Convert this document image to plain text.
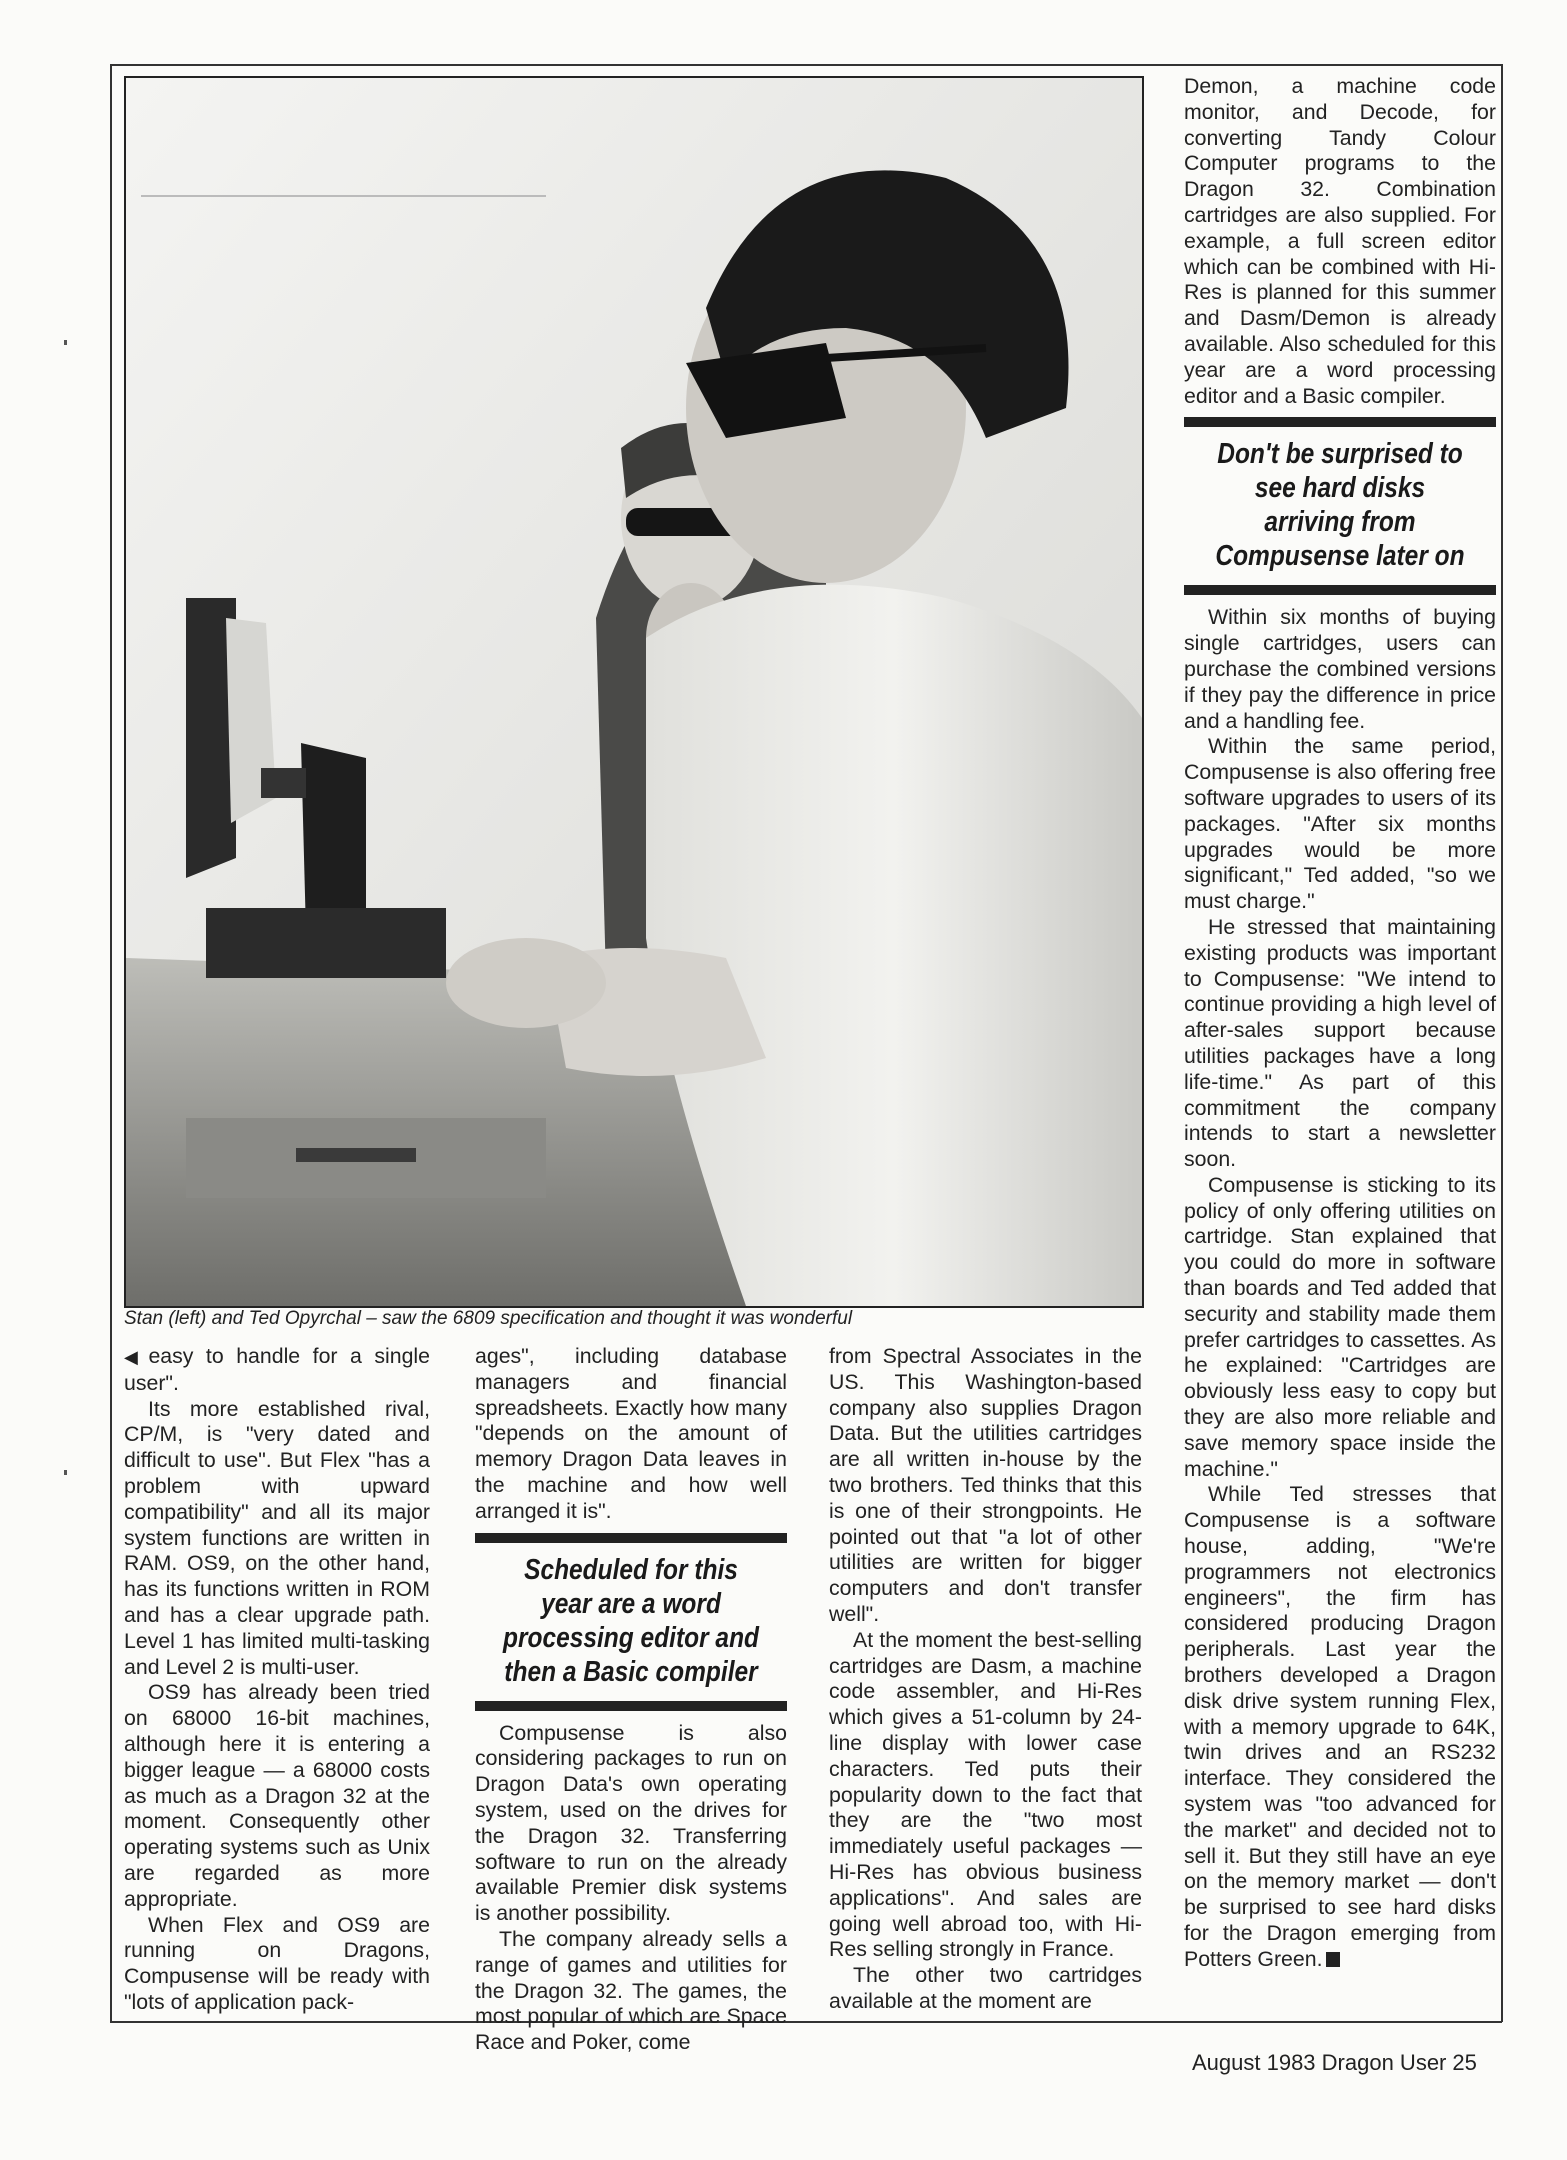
Stan (left) and Ted Opyrchal – saw the 6809 specification and thought it was wonderful

◀ easy to handle for a single user".

Its more established rival, CP/M, is "very dated and difficult to use". But Flex "has a problem with upward compatibility" and all its major system functions are written in RAM. OS9, on the other hand, has its functions written in ROM and has a clear upgrade path. Level 1 has limited multi-tasking and Level 2 is multi-user.

OS9 has already been tried on 68000 16-bit machines, although here it is entering a bigger league — a 68000 costs as much as a Dragon 32 at the moment. Consequently other operating systems such as Unix are regarded as more appropriate.

When Flex and OS9 are running on Dragons, Compusense will be ready with "lots of application pack-

ages", including database managers and financial spreadsheets. Exactly how many "depends on the amount of memory Dragon Data leaves in the machine and how well arranged it is".

Scheduled for this year are a word processing editor and then a Basic compiler

Compusense is also considering packages to run on Dragon Data's own operating system, used on the drives for the Dragon 32. Transferring software to run on the already available Premier disk systems is another possibility.

The company already sells a range of games and utilities for the Dragon 32. The games, the most popular of which are Space Race and Poker, come

from Spectral Associates in the US. This Washington-based company also supplies Dragon Data. But the utilities cartridges are all written in-house by the two brothers. Ted thinks that this is one of their strongpoints. He pointed out that "a lot of other utilities are written for bigger computers and don't transfer well".

At the moment the best-selling cartridges are Dasm, a machine code assembler, and Hi-Res which gives a 51-column by 24-line display with lower case characters. Ted puts their popularity down to the fact that they are the "two most immediately useful packages — Hi-Res has obvious business applications". And sales are going well abroad too, with Hi-Res selling strongly in France.

The other two cartridges available at the moment are

Demon, a machine code monitor, and Decode, for converting Tandy Colour Computer programs to the Dragon 32. Combination cartridges are also supplied. For example, a full screen editor which can be combined with Hi-Res is planned for this summer and Dasm/Demon is already available. Also scheduled for this year are a word processing editor and a Basic compiler.

Don't be surprised to see hard disks arriving from Compusense later on

Within six months of buying single cartridges, users can purchase the combined versions if they pay the difference in price and a handling fee.

Within the same period, Compusense is also offering free software upgrades to users of its packages. "After six months upgrades would be more significant," Ted added, "so we must charge."

He stressed that maintaining existing products was important to Compusense: "We intend to continue providing a high level of after-sales support because utilities packages have a long life-time." As part of this commitment the company intends to start a newsletter soon.

Compusense is sticking to its policy of only offering utilities on cartridge. Stan explained that you could do more in software than boards and Ted added that security and stability made them prefer cartridges to cassettes. As he explained: "Cartridges are obviously less easy to copy but they are also more reliable and save memory space inside the machine."

While Ted stresses that Compusense is a software house, adding, "We're programmers not electronics engineers", the firm has considered producing Dragon peripherals. Last year the brothers developed a Dragon disk drive system running Flex, with a memory upgrade to 64K, twin drives and an RS232 interface. They considered the system was "too advanced for the market" and decided not to sell it. But they still have an eye on the memory market — don't be surprised to see hard disks for the Dragon emerging from Potters Green.

August 1983 Dragon User 25
